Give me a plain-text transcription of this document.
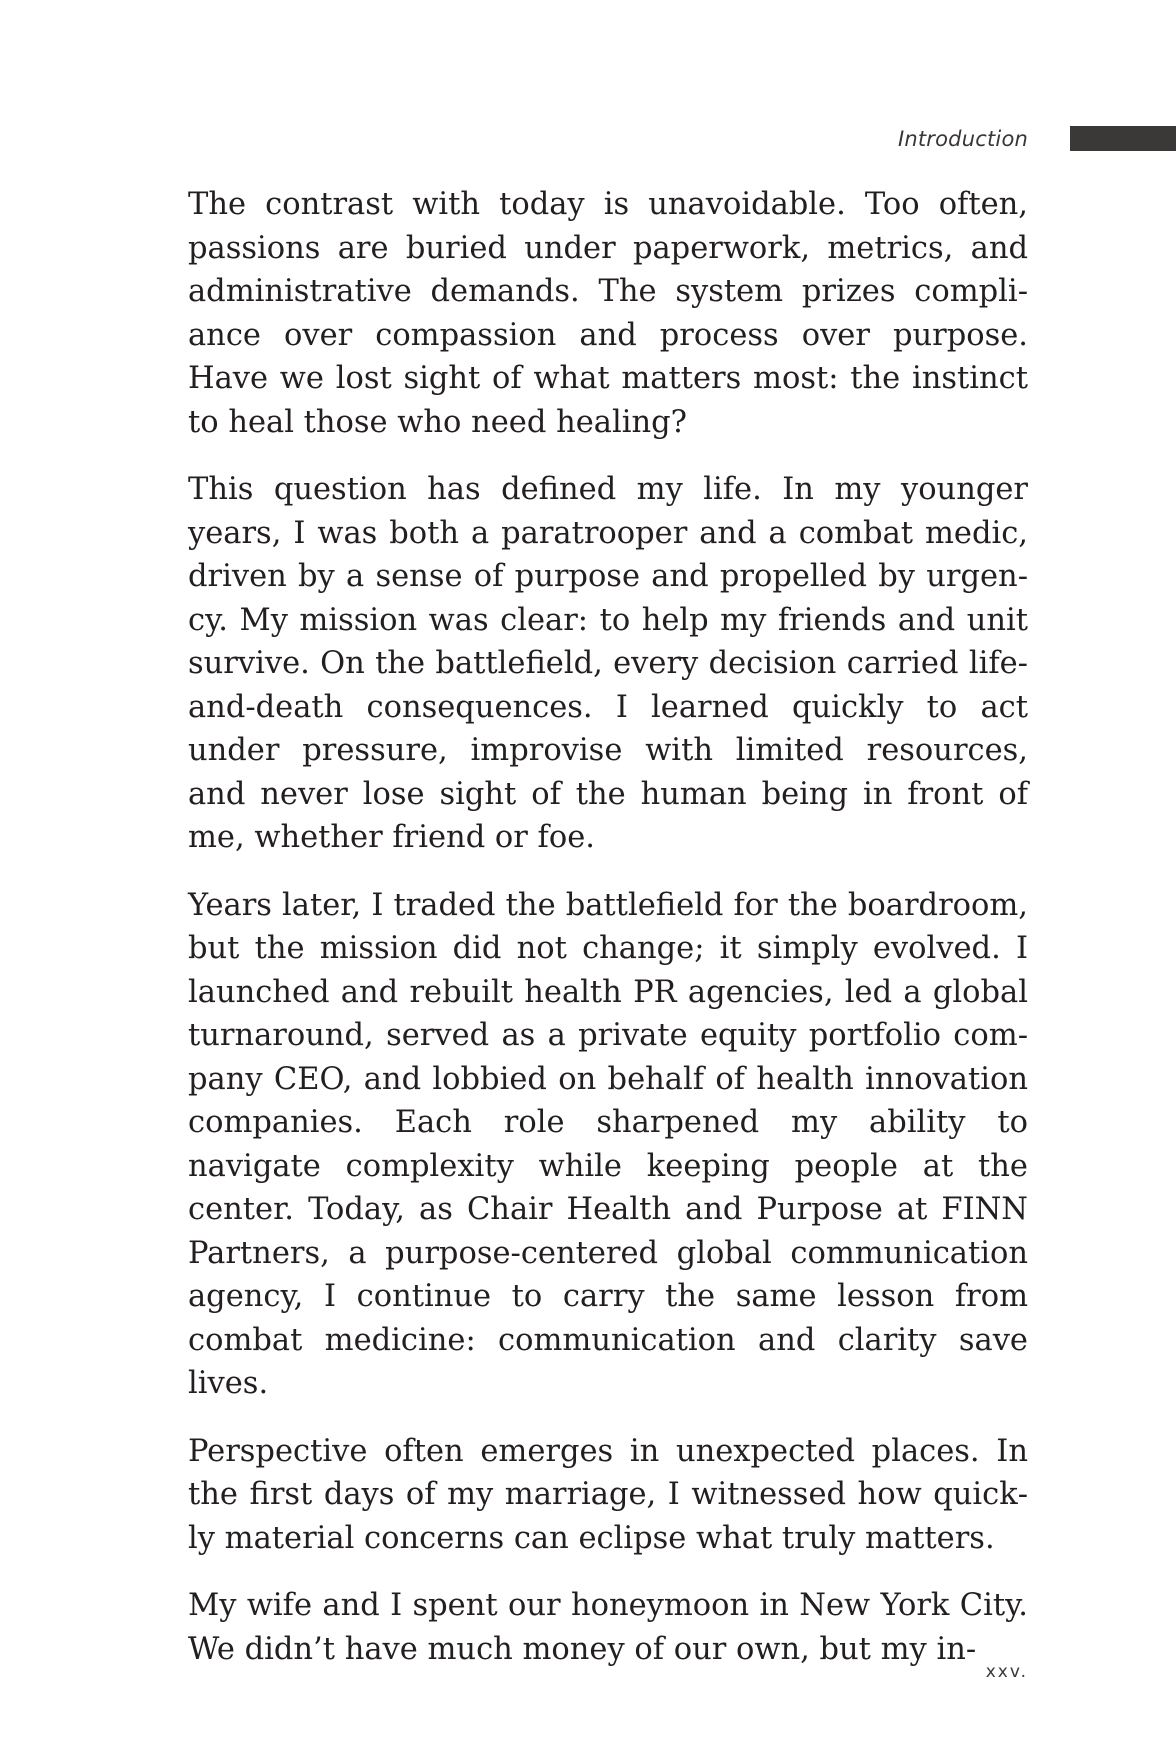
Introduction

The contrast with today is unavoidable. Too often, passions are buried under paperwork, metrics, and administrative demands. The system prizes compliance over compassion and process over purpose. Have we lost sight of what matters most: the instinct to heal those who need healing?

This question has defined my life. In my younger years, I was both a paratrooper and a combat medic, driven by a sense of purpose and propelled by urgency. My mission was clear: to help my friends and unit survive. On the battlefield, every decision carried life-and-death consequences. I learned quickly to act under pressure, improvise with limited resources, and never lose sight of the human being in front of me, whether friend or foe.

Years later, I traded the battlefield for the boardroom, but the mission did not change; it simply evolved. I launched and rebuilt health PR agencies, led a global turnaround, served as a private equity portfolio company CEO, and lobbied on behalf of health innovation companies. Each role sharpened my ability to navigate complexity while keeping people at the center. Today, as Chair Health and Purpose at FINN Partners, a purpose-centered global communication agency, I continue to carry the same lesson from combat medicine: communication and clarity save lives.

Perspective often emerges in unexpected places. In the first days of my marriage, I witnessed how quickly material concerns can eclipse what truly matters.

My wife and I spent our honeymoon in New York City. We didn’t have much money of our own, but my in-

xxv.
